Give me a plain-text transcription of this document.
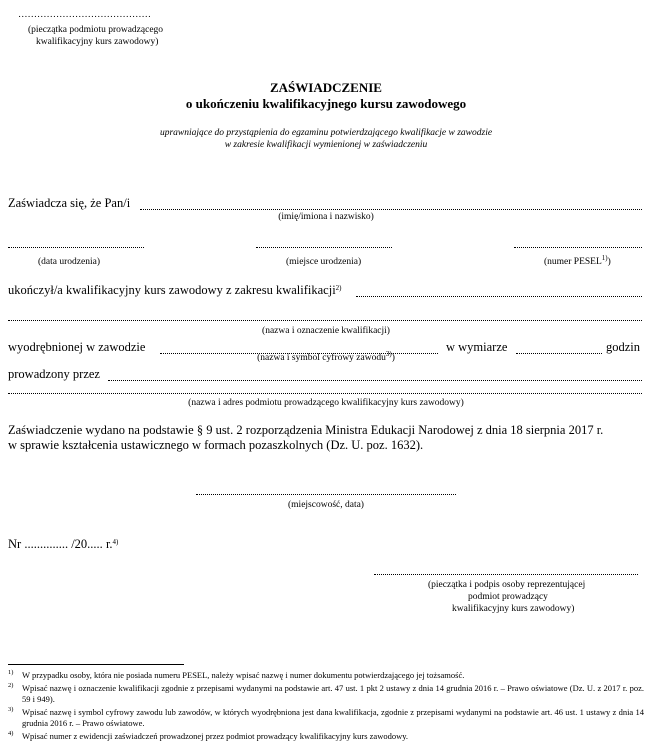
……………………………………
(pieczątka podmiotu prowadzącego
kwalifikacyjny kurs zawodowy)
ZAŚWIADCZENIE
o ukończeniu kwalifikacyjnego kursu zawodowego
uprawniające do przystąpienia do egzaminu potwierdzającego kwalifikacje w zawodzie
w zakresie kwalifikacji wymienionej w zaświadczeniu
Zaświadcza się, że Pan/i
(imię/imiona i nazwisko)
(data urodzenia)	(miejsce urodzenia)	(numer PESEL$^{1)}$)
ukończył/a kwalifikacyjny kurs zawodowy z zakresu kwalifikacji$^{2)}$
(nazwa i oznaczenie kwalifikacji)
wyodrębnionej w zawodzie	w wymiarze	godzin
(nazwa i symbol cyfrowy zawodu$^{3)}$)
prowadzony przez
(nazwa i adres podmiotu prowadzącego kwalifikacyjny kurs zawodowy)
Zaświadczenie wydano na podstawie § 9 ust. 2 rozporządzenia Ministra Edukacji Narodowej z dnia 18 sierpnia 2017 r.
w sprawie kształcenia ustawicznego w formach pozaszkolnych (Dz. U. poz. 1632).
(miejscowość, data)
Nr .............. /20..... r.$^{4)}$
(pieczątka i podpis osoby reprezentującej
podmiot prowadzący
kwalifikacyjny kurs zawodowy)
1)	W przypadku osoby, która nie posiada numeru PESEL, należy wpisać nazwę i numer dokumentu potwierdzającego jej tożsamość.
2)	Wpisać nazwę i oznaczenie kwalifikacji zgodnie z przepisami wydanymi na podstawie art. 47 ust. 1 pkt 2 ustawy z dnia 14 grudnia 2016 r. – Prawo oświatowe (Dz. U. z 2017 r. poz. 59 i 949).
3)	Wpisać nazwę i symbol cyfrowy zawodu lub zawodów, w których wyodrębniona jest dana kwalifikacja, zgodnie z przepisami wydanymi na podstawie art. 46 ust. 1 ustawy z dnia 14 grudnia 2016 r. – Prawo oświatowe.
4)	Wpisać numer z ewidencji zaświadczeń prowadzonej przez podmiot prowadzący kwalifikacyjny kurs zawodowy.
